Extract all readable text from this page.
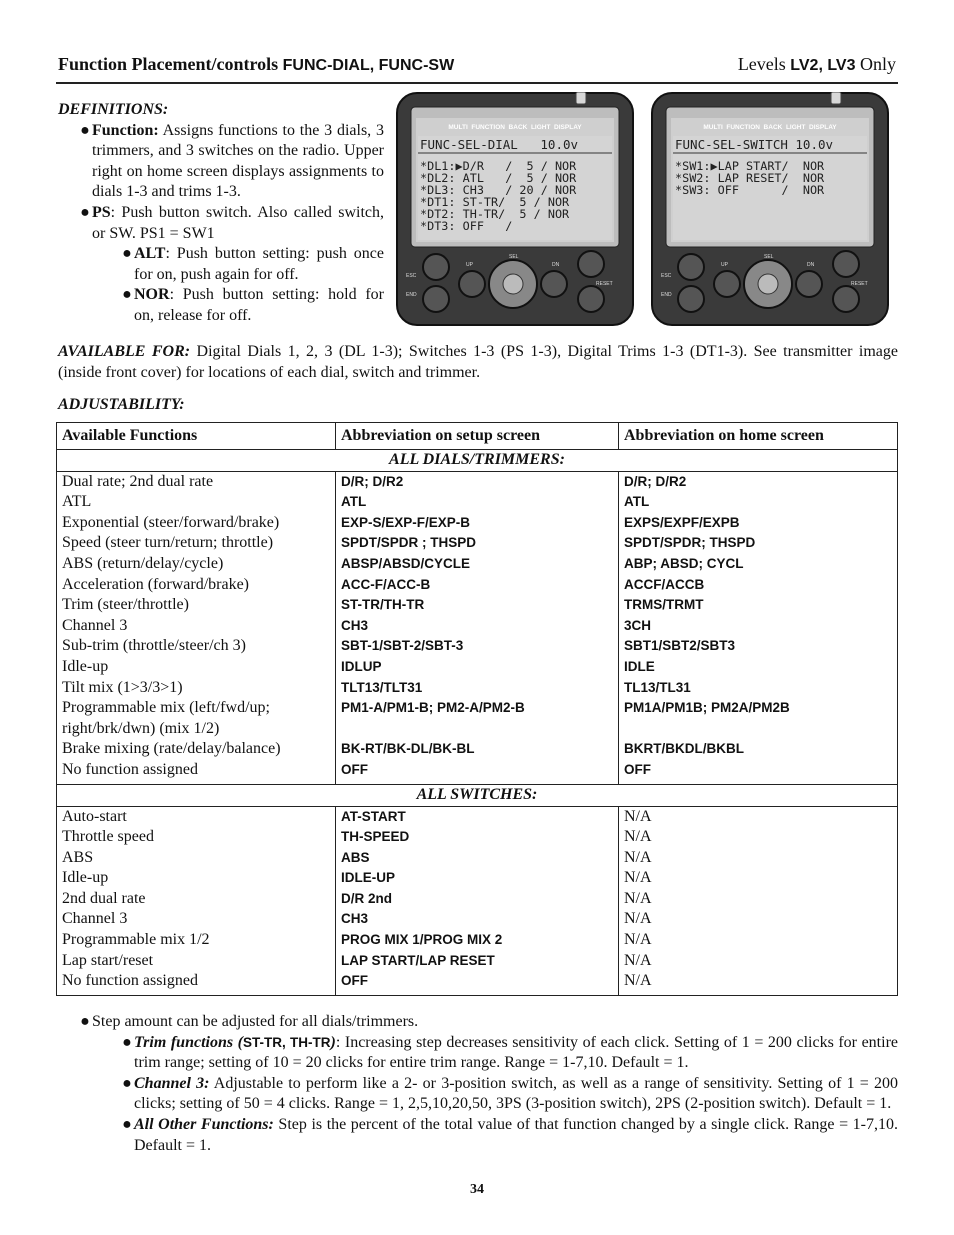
Function Placement/controls FUNC-DIAL, FUNC-SW	Levels LV2, LV3 Only
DEFINITIONS:
● Function: Assigns functions to the 3 dials, 3 trimmers, and 3 switches on the radio. Upper right on home screen displays assignments to dials 1-3 and trims 1-3.
● PS: Push button switch. Also called switch, or SW. PS1 = SW1
● ALT: Push button setting: push once for on, push again for off.
● NOR: Push button setting: hold for on, release for off.
MULTI  FUNCTION  BACK  LIGHT  DISPLAY
FUNC-SEL-DIAL   10.0v
*DL1:▶D/R   /  5 / NOR
*DL2: ATL   /  5 / NOR
*DL3: CH3   / 20 / NOR
*DT1: ST-TR/  5 / NOR
*DT2: TH-TR/  5 / NOR
*DT3: OFF   /
SEL
UP	DN
ESC
END
RESET
MULTI  FUNCTION  BACK  LIGHT  DISPLAY
FUNC-SEL-SWITCH 10.0v
*SW1:▶LAP START/  NOR
*SW2: LAP RESET/  NOR
*SW3: OFF      /  NOR
SEL
UP	DN
ESC
END
RESET
AVAILABLE FOR: Digital Dials 1, 2, 3 (DL 1-3); Switches 1-3 (PS 1-3), Digital Trims 1-3 (DT1-3). See transmitter image (inside front cover) for locations of each dial, switch and trimmer.
ADJUSTABILITY:
Available Functions	Abbreviation on setup screen	Abbreviation on home screen
ALL DIALS/TRIMMERS:		
Dual rate; 2nd dual rate	D/R; D/R2	D/R; D/R2
ATL	ATL	ATL
Exponential (steer/forward/brake)	EXP-S/EXP-F/EXP-B	EXPS/EXPF/EXPB
Speed (steer turn/return; throttle)	SPDT/SPDR ; THSPD	SPDT/SPDR; THSPD
ABS (return/delay/cycle)	ABSP/ABSD/CYCLE	ABP; ABSD; CYCL
Acceleration (forward/brake)	ACC-F/ACC-B	ACCF/ACCB
Trim (steer/throttle)	ST-TR/TH-TR	TRMS/TRMT
Channel 3	CH3	3CH
Sub-trim (throttle/steer/ch 3)	SBT-1/SBT-2/SBT-3	SBT1/SBT2/SBT3
Idle-up	IDLUP	IDLE
Tilt mix (1>3/3>1)	TLT13/TLT31	TL13/TL31
Programmable mix (left/fwd/up; right/brk/dwn) (mix 1/2)	PM1-A/PM1-B; PM2-A/PM2-B	PM1A/PM1B; PM2A/PM2B
Brake mixing (rate/delay/balance)	BK-RT/BK-DL/BK-BL	BKRT/BKDL/BKBL
No function assigned	OFF	OFF
ALL SWITCHES:		
Auto-start	AT-START	N/A
Throttle speed	TH-SPEED	N/A
ABS	ABS	N/A
Idle-up	IDLE-UP	N/A
2nd dual rate	D/R 2nd	N/A
Channel 3	CH3	N/A
Programmable mix 1/2	PROG MIX 1/PROG MIX 2	N/A
Lap start/reset	LAP START/LAP RESET	N/A
No function assigned	OFF	N/A
● Step amount can be adjusted for all dials/trimmers.
● Trim functions (ST-TR, TH-TR): Increasing step decreases sensitivity of each click. Setting of 1 = 200 clicks for entire trim range; setting of 10 = 20 clicks for entire trim range. Range = 1-7,10. Default = 1.
● Channel 3: Adjustable to perform like a 2- or 3-position switch, as well as a range of sensitivity. Setting of 1 = 200 clicks; setting of 50 = 4 clicks. Range = 1, 2,5,10,20,50, 3PS (3-position switch), 2PS (2-position switch). Default = 1.
● All Other Functions: Step is the percent of the total value of that function changed by a single click. Range = 1-7,10. Default = 1.
34
